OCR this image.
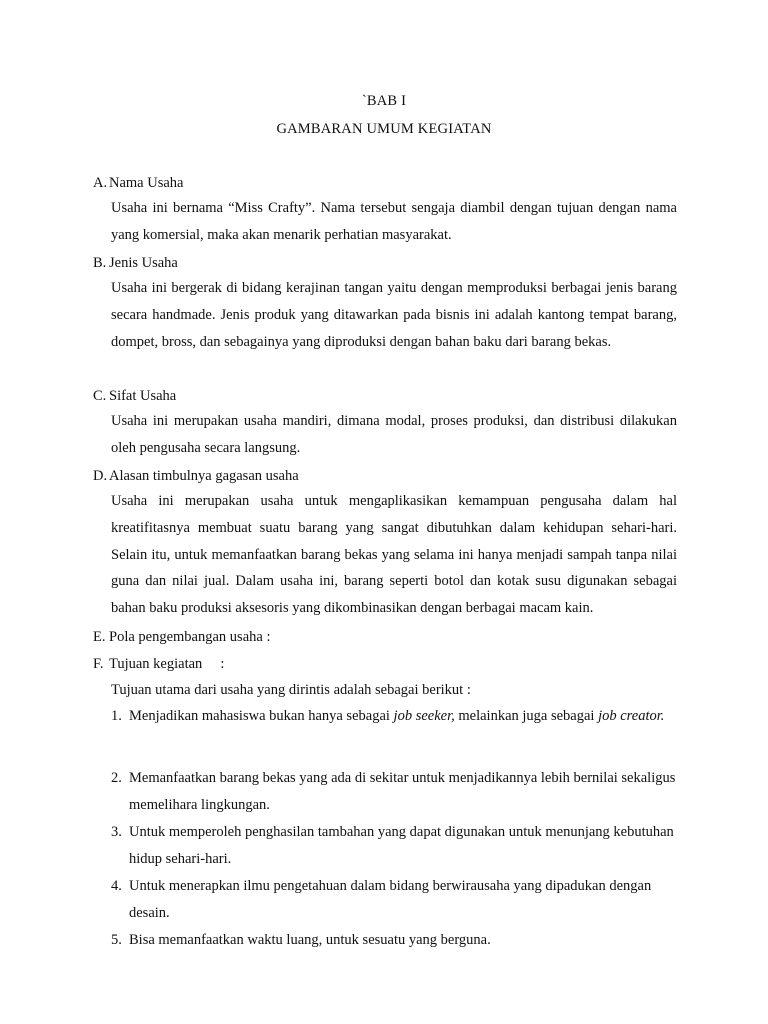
`BAB I
GAMBARAN UMUM KEGIATAN
A. Nama Usaha
Usaha ini bernama “Miss Crafty”. Nama tersebut sengaja diambil dengan tujuan dengan nama yang komersial, maka akan menarik perhatian masyarakat.
B. Jenis Usaha
Usaha ini bergerak di bidang kerajinan tangan yaitu dengan memproduksi berbagai jenis barang secara handmade. Jenis produk yang ditawarkan pada bisnis ini adalah kantong tempat barang, dompet, bross, dan sebagainya yang diproduksi dengan bahan baku dari barang bekas.
C. Sifat Usaha
Usaha ini merupakan usaha mandiri, dimana modal, proses produksi, dan distribusi dilakukan oleh pengusaha secara langsung.
D. Alasan timbulnya gagasan usaha
Usaha ini merupakan usaha untuk mengaplikasikan kemampuan pengusaha dalam hal kreatifitasnya membuat suatu barang yang sangat dibutuhkan dalam kehidupan sehari-hari. Selain itu, untuk memanfaatkan barang bekas yang selama ini hanya menjadi sampah tanpa nilai guna dan nilai jual. Dalam usaha ini, barang seperti botol dan kotak susu digunakan sebagai bahan baku produksi aksesoris yang dikombinasikan dengan berbagai macam kain.
E. Pola pengembangan usaha :
F. Tujuan kegiatan :
Tujuan utama dari usaha yang dirintis adalah sebagai berikut :
1. Menjadikan mahasiswa bukan hanya sebagai job seeker, melainkan juga sebagai job creator.
2. Memanfaatkan barang bekas yang ada di sekitar untuk menjadikannya lebih bernilai sekaligus memelihara lingkungan.
3. Untuk memperoleh penghasilan tambahan yang dapat digunakan untuk menunjang kebutuhan hidup sehari-hari.
4. Untuk menerapkan ilmu pengetahuan dalam bidang berwirausaha yang dipadukan dengan desain.
5. Bisa memanfaatkan waktu luang, untuk sesuatu yang berguna.
